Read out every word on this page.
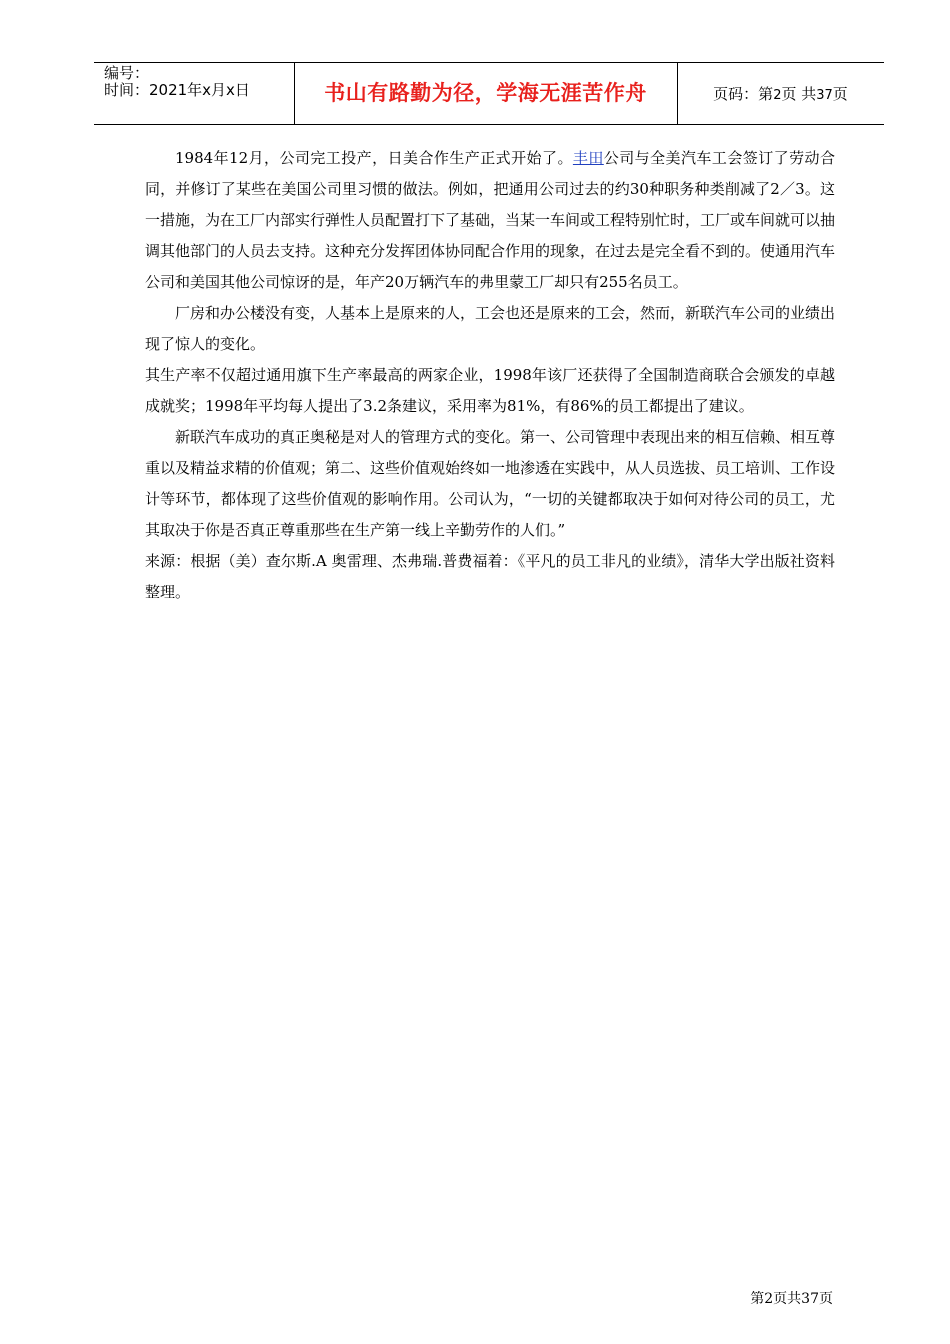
编号：
时间：2021年x月x日	书山有路勤为径，学海无涯苦作舟	页码：第2页 共37页

1984年12月，公司完工投产，日美合作生产正式开始了。丰田公司与全美汽车工会签订了劳动合同，并修订了某些在美国公司里习惯的做法。例如，把通用公司过去的约30种职务种类削减了2／3。这一措施，为在工厂内部实行弹性人员配置打下了基础，当某一车间或工程特别忙时，工厂或车间就可以抽调其他部门的人员去支持。这种充分发挥团体协同配合作用的现象，在过去是完全看不到的。使通用汽车公司和美国其他公司惊讶的是，年产20万辆汽车的弗里蒙工厂却只有255名员工。

厂房和办公楼没有变，人基本上是原来的人，工会也还是原来的工会，然而，新联汽车公司的业绩出现了惊人的变化。

其生产率不仅超过通用旗下生产率最高的两家企业，1998年该厂还获得了全国制造商联合会颁发的卓越成就奖；1998年平均每人提出了3.2条建议，采用率为81%，有86%的员工都提出了建议。

新联汽车成功的真正奥秘是对人的管理方式的变化。第一、公司管理中表现出来的相互信赖、相互尊重以及精益求精的价值观；第二、这些价值观始终如一地渗透在实践中，从人员选拔、员工培训、工作设计等环节，都体现了这些价值观的影响作用。公司认为，“一切的关键都取决于如何对待公司的员工，尤其取决于你是否真正尊重那些在生产第一线上辛勤劳作的人们。”

来源：根据（美）查尔斯.A 奥雷理、杰弗瑞.普费福着：《平凡的员工非凡的业绩》，清华大学出版社资料整理。

第2页共37页
